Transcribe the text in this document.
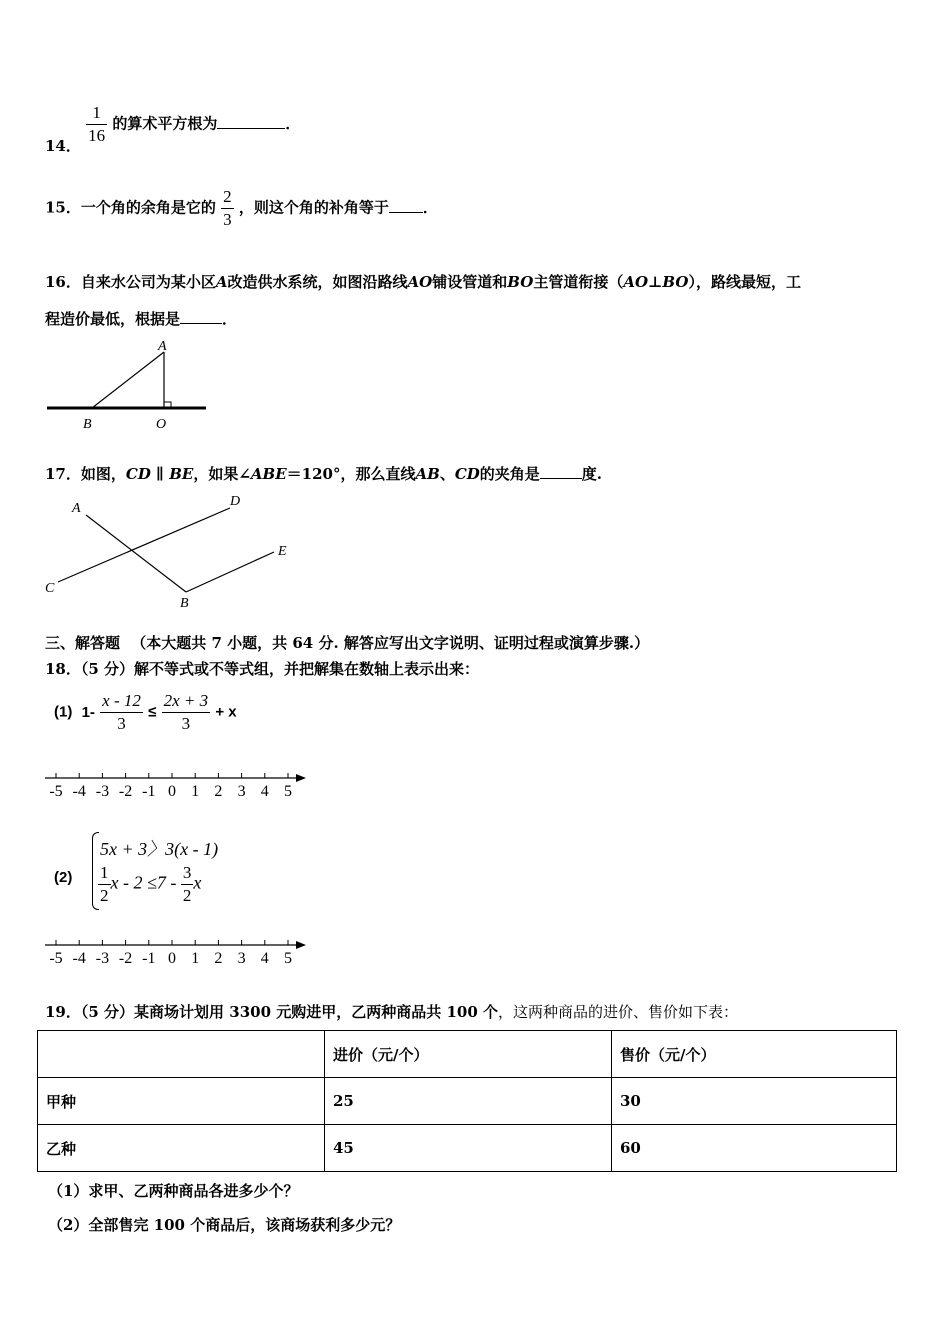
14． $\frac{1}{16}$ 的算术平方根为	．
15．一个角的余角是它的 $\frac{2}{3}$ ，则这个角的补角等于 ．
16．自来水公司为某小区A改造供水系统，如图沿路线AO铺设管道和BO主管道衔接（AO⊥BO），路线最短，工
程造价最低，根据是	．
A
B	O
17．如图，CD ∥ BE，如果∠ABE＝120°，那么直线AB、CD的夹角是	度.
A	D
E
C
B
三、解答题 （本大题共 7 小题，共 64 分. 解答应写出文字说明、证明过程或演算步骤.）
18．（5 分）解不等式或不等式组，并把解集在数轴上表示出来：
(1) $1- \frac{x - 12}{3} \le \frac{2x + 3}{3} + x$
-5 -4 -3 -2 -1 0 1 2 3 4 5
(2)
5x + 3〉3(x - 1)
$\frac{1}{2}$ $x - 2 \le 7 - \frac{3}{2}$ x
-5 -4 -3 -2 -1 0 1 2 3 4 5
19．（5 分）某商场计划用 3300 元购进甲，乙两种商品共 100 个，这两种商品的进价、售价如下表：
	进价（元/个）	售价（元/个）
甲种	25	30
乙种	45	60
（1）求甲、乙两种商品各进多少个？
（2）全部售完 100 个商品后，该商场获利多少元？
